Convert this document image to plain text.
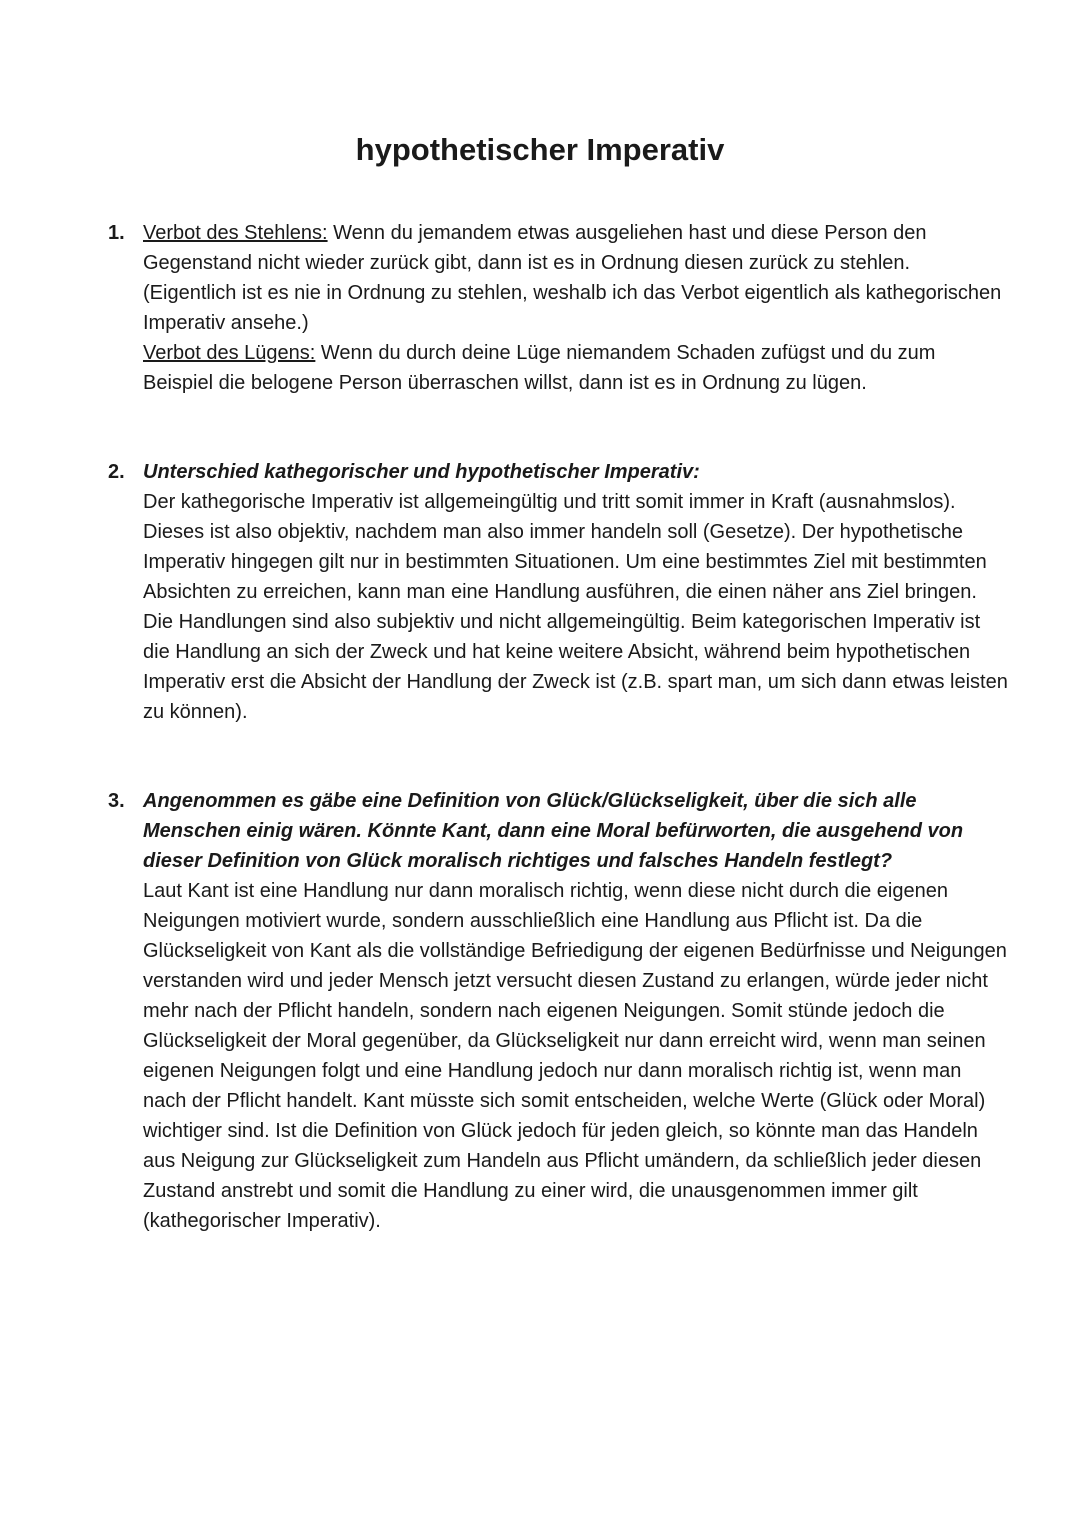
hypothetischer Imperativ
1. Verbot des Stehlens: Wenn du jemandem etwas ausgeliehen hast und diese Person den Gegenstand nicht wieder zurück gibt, dann ist es in Ordnung diesen zurück zu stehlen. (Eigentlich ist es nie in Ordnung zu stehlen, weshalb ich das Verbot eigentlich als kathegorischen Imperativ ansehe.)

Verbot des Lügens: Wenn du durch deine Lüge niemandem Schaden zufügst und du zum Beispiel die belogene Person überraschen willst, dann ist es in Ordnung zu lügen.

2. Unterschied kathegorischer und hypothetischer Imperativ:

Der kathegorische Imperativ ist allgemeingültig und tritt somit immer in Kraft (ausnahmslos). Dieses ist also objektiv, nachdem man also immer handeln soll (Gesetze). Der hypothetische Imperativ hingegen gilt nur in bestimmten Situationen. Um eine bestimmtes Ziel mit bestimmten Absichten zu erreichen, kann man eine Handlung ausführen, die einen näher ans Ziel bringen. Die Handlungen sind also subjektiv und nicht allgemeingültig. Beim kategorischen Imperativ ist die Handlung an sich der Zweck und hat keine weitere Absicht, während beim hypothetischen Imperativ erst die Absicht der Handlung der Zweck ist (z.B. spart man, um sich dann etwas leisten zu können).

3. Angenommen es gäbe eine Definition von Glück/Glückseligkeit, über die sich alle Menschen einig wären. Könnte Kant, dann eine Moral befürworten, die ausgehend von dieser Definition von Glück moralisch richtiges und falsches Handeln festlegt?

Laut Kant ist eine Handlung nur dann moralisch richtig, wenn diese nicht durch die eigenen Neigungen motiviert wurde, sondern ausschließlich eine Handlung aus Pflicht ist. Da die Glückseligkeit von Kant als die vollständige Befriedigung der eigenen Bedürfnisse und Neigungen verstanden wird und jeder Mensch jetzt versucht diesen Zustand zu erlangen, würde jeder nicht mehr nach der Pflicht handeln, sondern nach eigenen Neigungen. Somit stünde jedoch die Glückseligkeit der Moral gegenüber, da Glückseligkeit nur dann erreicht wird, wenn man seinen eigenen Neigungen folgt und eine Handlung jedoch nur dann moralisch richtig ist, wenn man nach der Pflicht handelt. Kant müsste sich somit entscheiden, welche Werte (Glück oder Moral) wichtiger sind. Ist die Definition von Glück jedoch für jeden gleich, so könnte man das Handeln aus Neigung zur Glückseligkeit zum Handeln aus Pflicht umändern, da schließlich jeder diesen Zustand anstrebt und somit die Handlung zu einer wird, die unausgenommen immer gilt (kathegorischer Imperativ).
